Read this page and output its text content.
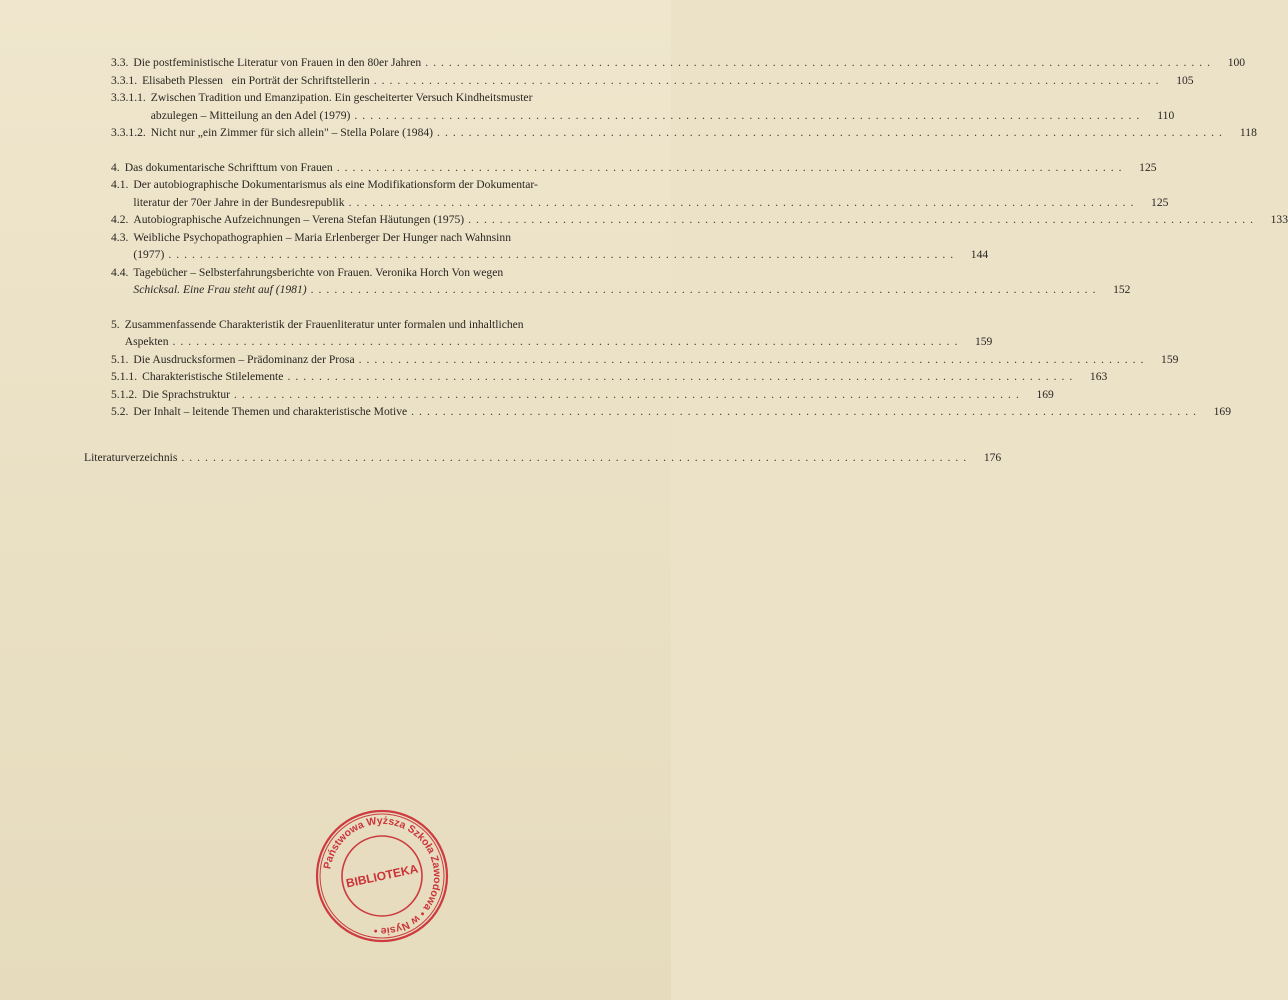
3.3. Die postfeministische Literatur von Frauen in den 80er Jahren ....................................................................................................	100
3.3.1. Elisabeth Plessen   ein Porträt der Schriftstellerin ....................................................................................................	105
3.3.1.1. Zwischen Tradition und Emanzipation. Ein gescheiterter Versuch Kindheitsmuster
abzulegen – Mitteilung an den Adel (1979) ....................................................................................................	110
3.3.1.2. Nicht nur „ein Zimmer für sich allein" – Stella Polare (1984) ....................................................................................................	118
4. Das dokumentarische Schrifttum von Frauen ....................................................................................................	125
4.1. Der autobiographische Dokumentarismus als eine Modifikationsform der Dokumentar-
literatur der 70er Jahre in der Bundesrepublik ....................................................................................................	125
4.2. Autobiographische Aufzeichnungen – Verena Stefan Häutungen (1975) ....................................................................................................	133
4.3. Weibliche Psychopathographien – Maria Erlenberger Der Hunger nach Wahnsinn
(1977) ....................................................................................................	144
4.4. Tagebücher – Selbsterfahrungsberichte von Frauen. Veronika Horch Von wegen
Schicksal. Eine Frau steht auf (1981) ....................................................................................................	152
5. Zusammenfassende Charakteristik der Frauenliteratur unter formalen und inhaltlichen
Aspekten ....................................................................................................	159
5.1. Die Ausdrucksformen – Prädominanz der Prosa ....................................................................................................	159
5.1.1. Charakteristische Stilelemente ....................................................................................................	163
5.1.2. Die Sprachstruktur ....................................................................................................	169
5.2. Der Inhalt – leitende Themen und charakteristische Motive ....................................................................................................	169
Literaturverzeichnis ....................................................................................................	176
Państwowa Wyższa Szkoła Zawodowa • w Nysie •
BIBLIOTEKA
